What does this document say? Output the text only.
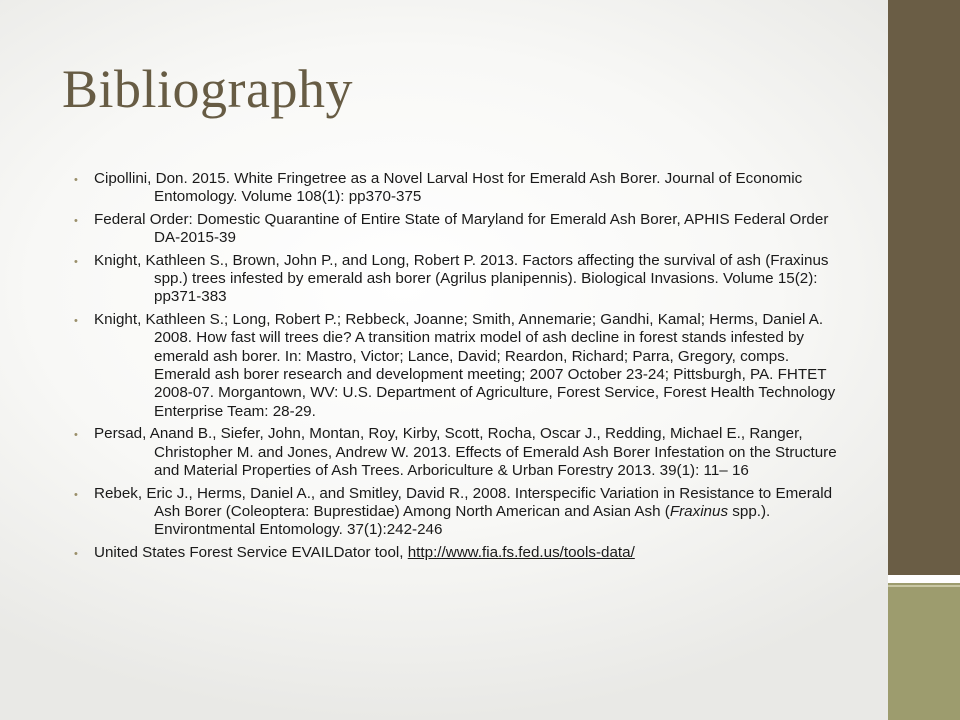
Bibliography
• Cipollini, Don. 2015. White Fringetree as a Novel Larval Host for Emerald Ash Borer. Journal of Economic Entomology. Volume 108(1): pp370-375
• Federal Order: Domestic Quarantine of Entire State of Maryland for Emerald Ash Borer, APHIS Federal Order DA-2015-39
• Knight, Kathleen S., Brown, John P., and Long, Robert P. 2013. Factors affecting the survival of ash (Fraxinus spp.) trees infested by emerald ash borer (Agrilus planipennis). Biological Invasions. Volume 15(2): pp371-383
• Knight, Kathleen S.; Long, Robert P.; Rebbeck, Joanne; Smith, Annemarie; Gandhi, Kamal; Herms, Daniel A. 2008. How fast will trees die? A transition matrix model of ash decline in forest stands infested by emerald ash borer. In: Mastro, Victor; Lance, David; Reardon, Richard; Parra, Gregory, comps. Emerald ash borer research and development meeting; 2007 October 23-24; Pittsburgh, PA. FHTET 2008-07. Morgantown, WV: U.S. Department of Agriculture, Forest Service, Forest Health Technology Enterprise Team: 28-29.
• Persad, Anand B., Siefer, John, Montan, Roy, Kirby, Scott, Rocha, Oscar J., Redding, Michael E., Ranger, Christopher M. and Jones, Andrew W. 2013. Effects of Emerald Ash Borer Infestation on the Structure and Material Properties of Ash Trees. Arboriculture & Urban Forestry 2013. 39(1): 11– 16
• Rebek, Eric J., Herms, Daniel A., and Smitley, David R., 2008. Interspecific Variation in Resistance to Emerald Ash Borer (Coleoptera: Buprestidae) Among North American and Asian Ash (Fraxinus spp.). Environtmental Entomology. 37(1):242-246
• United States Forest Service EVAILDator tool, http://www.fia.fs.fed.us/tools-data/
